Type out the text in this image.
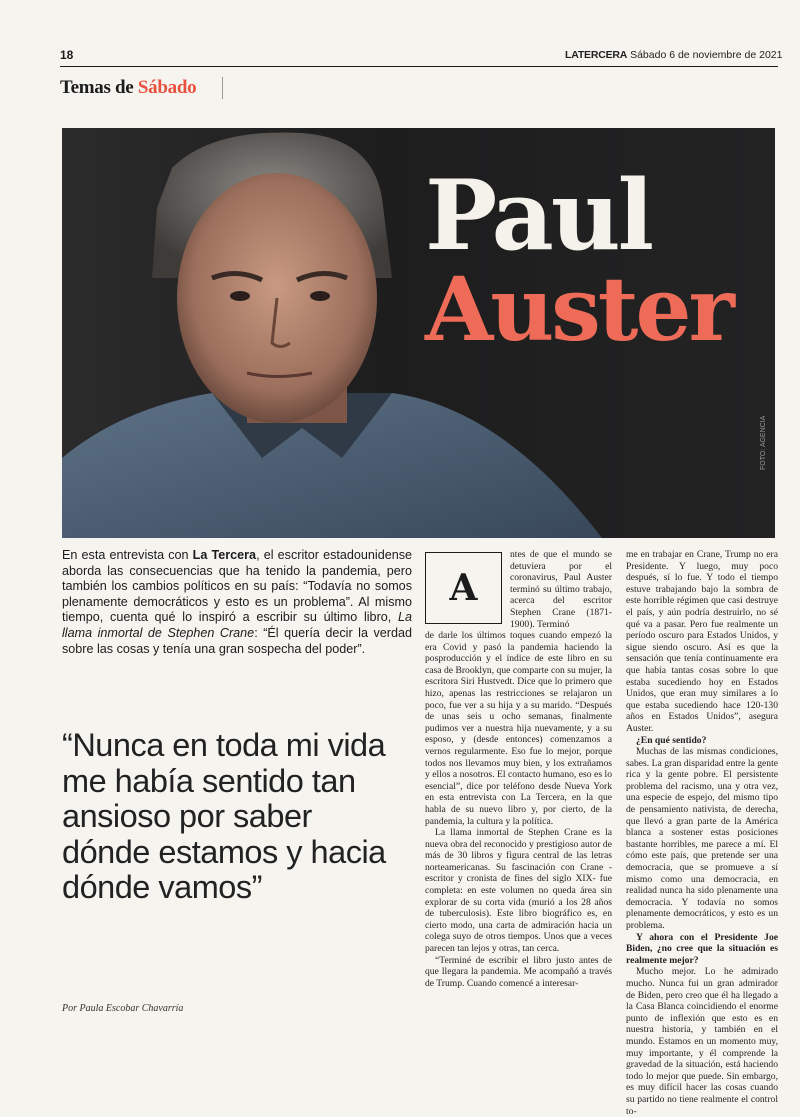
18	LATERCERA Sábado 6 de noviembre de 2021
Temas de Sábado
Paul
Auster
FOTO: AGENCIA
En esta entrevista con La Tercera, el escritor estadounidense aborda las consecuencias que ha tenido la pandemia, pero también los cambios políticos en su país: “Todavía no somos plenamente democráticos y esto es un problema”. Al mismo tiempo, cuenta qué lo inspiró a escribir su último libro, La llama inmortal de Stephen Crane: “Él quería decir la verdad sobre las cosas y tenía una gran sospecha del poder”.
“Nunca en toda mi vida me había sentido tan ansioso por saber dónde estamos y hacia dónde vamos”
Por Paula Escobar Chavarría
A

ntes de que el mundo se detuviera por el coronavirus, Paul Auster terminó su último trabajo, acerca del escritor Stephen Crane (1871-1900). Terminó

de darle los últimos toques cuando empezó la era Covid y pasó la pandemia haciendo la posproducción y el índice de este libro en su casa de Brooklyn, que comparte con su mujer, la escritora Siri Hustvedt. Dice que lo primero que hizo, apenas las restricciones se relajaron un poco, fue ver a su hija y a su marido. “Después de unas seis u ocho semanas, finalmente pudimos ver a nuestra hija nuevamente, y a su esposo, y (desde entonces) comenzamos a vernos regularmente. Eso fue lo mejor, porque todos nos llevamos muy bien, y los extrañamos y ellos a nosotros. El contacto humano, eso es lo esencial”, dice por teléfono desde Nueva York en esta entrevista con La Tercera, en la que habla de su nuevo libro y, por cierto, de la pandemia, la cultura y la política.

La llama inmortal de Stephen Crane es la nueva obra del reconocido y prestigioso autor de más de 30 libros y figura central de las letras norteamericanas. Su fascinación con Crane -escritor y cronista de fines del siglo XIX- fue completa: en este volumen no queda área sin explorar de su corta vida (murió a los 28 años de tuberculosis). Este libro biográfico es, en cierto modo, una carta de admiración hacia un colega suyo de otros tiempos. Unos que a veces parecen tan lejos y otras, tan cerca.

“Terminé de escribir el libro justo antes de que llegara la pandemia. Me acompañó a través de Trump. Cuando comencé a interesar-

me en trabajar en Crane, Trump no era Presidente. Y luego, muy poco después, sí lo fue. Y todo el tiempo estuve trabajando bajo la sombra de este horrible régimen que casi destruye el país, y aún podría destruirlo, no sé qué va a pasar. Pero fue realmente un período oscuro para Estados Unidos, y sigue siendo oscuro. Así es que la sensación que tenía continuamente era que había tantas cosas sobre lo que estaba sucediendo hoy en Estados Unidos, que eran muy similares a lo que estaba sucediendo hace 120-130 años en Estados Unidos”, asegura Auster.

¿En qué sentido?

Muchas de las mismas condiciones, sabes. La gran disparidad entre la gente rica y la gente pobre. El persistente problema del racismo, una y otra vez, una especie de espejo, del mismo tipo de pensamiento nativista, de derecha, que llevó a gran parte de la América blanca a sostener estas posiciones bastante horribles, me parece a mí. El cómo este país, que pretende ser una democracia, que se promueve a sí mismo como una democracia, en realidad nunca ha sido plenamente una democracia. Y todavía no somos plenamente democráticos, y esto es un problema.

Y ahora con el Presidente Joe Biden, ¿no cree que la situación es realmente mejor?

Mucho mejor. Lo he admirado mucho. Nunca fui un gran admirador de Biden, pero creo que él ha llegado a la Casa Blanca coincidiendo el enorme punto de inflexión que esto es en nuestra historia, y también en el mundo. Estamos en un momento muy, muy importante, y él comprende la gravedad de la situación, está haciendo todo lo mejor que puede. Sin embargo, es muy difícil hacer las cosas cuando su partido no tiene realmente el control to-
